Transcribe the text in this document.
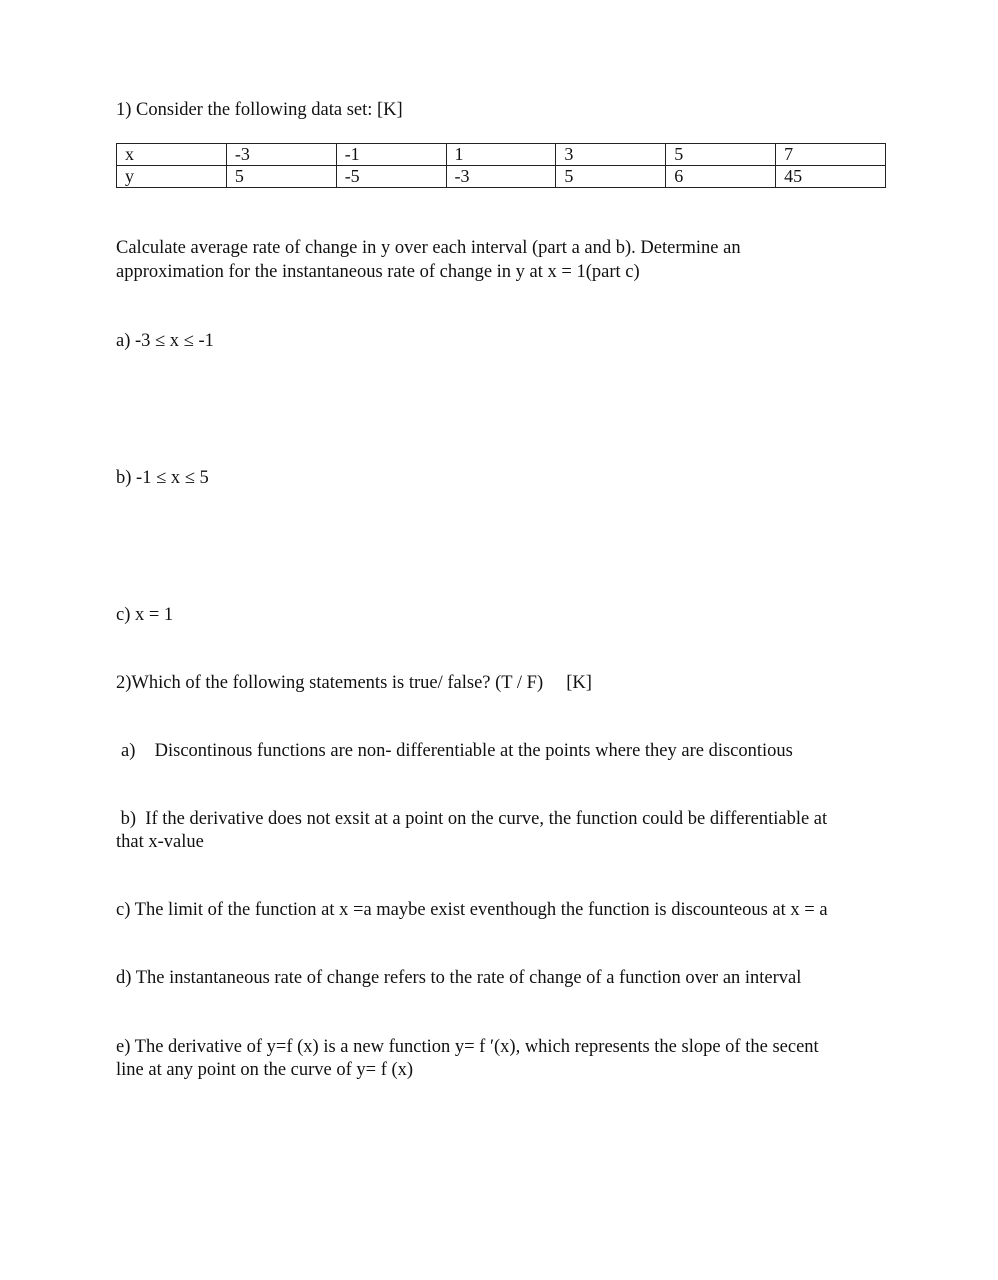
1) Consider the following data set: [K]
x	-3	-1	1	3	5	7
y	5	-5	-3	5	6	45
Calculate average rate of change in y over each interval (part a and b). Determine an
approximation for the instantaneous rate of change in y at x = 1(part c)
a) -3 ≤ x ≤ -1
b) -1 ≤ x ≤ 5
c) x = 1
2)Which of the following statements is true/ false? (T / F)     [K]
a) Discontinous functions are non- differentiable at the points where they are discontious
b)  If the derivative does not exsit at a point on the curve, the function could be differentiable at
that x-value
c) The limit of the function at x =a maybe exist eventhough the function is discounteous at x = a
d) The instantaneous rate of change refers to the rate of change of a function over an interval
e) The derivative of y=f (x) is a new function y= f ′(x), which represents the slope of the secent
line at any point on the curve of y= f (x)
